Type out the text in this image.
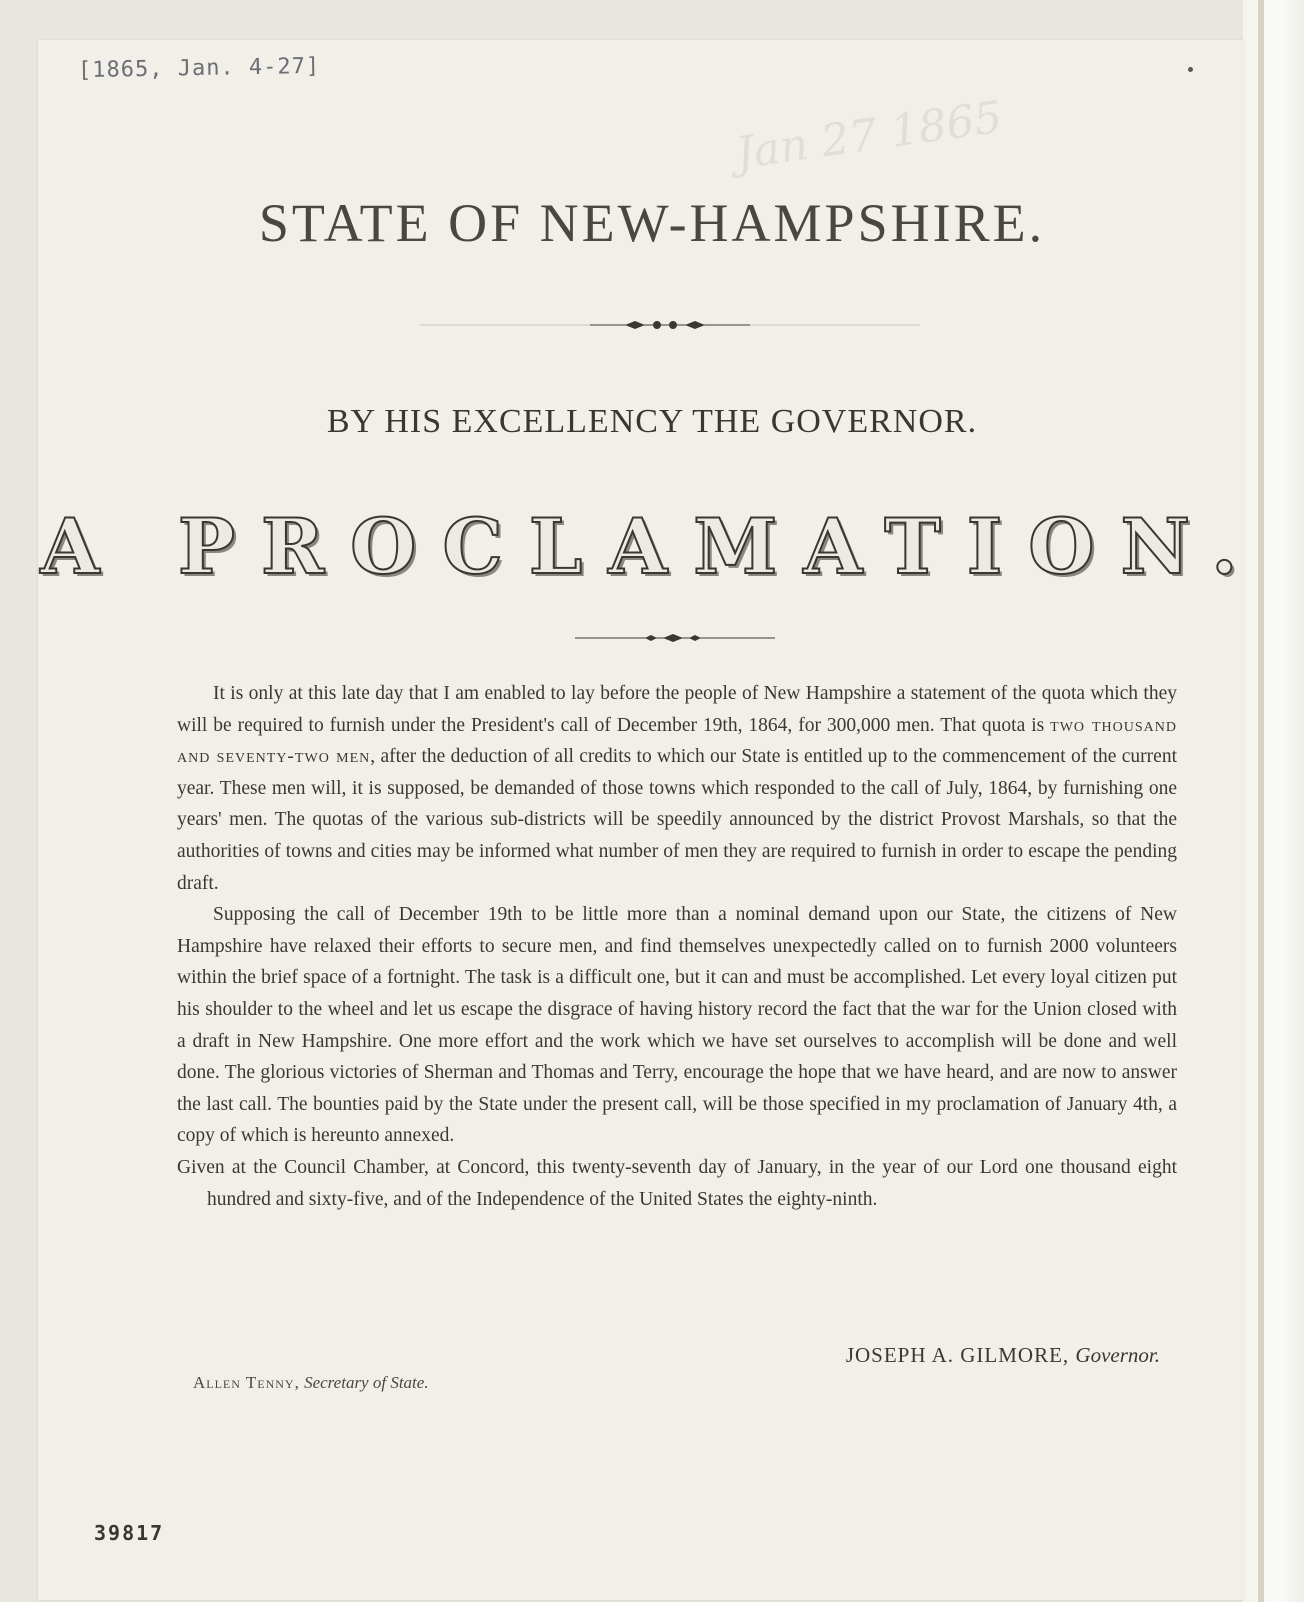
[1865, Jan. 4-27]

Jan 27 1865

STATE OF NEW-HAMPSHIRE.
BY HIS EXCELLENCY THE GOVERNOR.
A PROCLAMATION.

It is only at this late day that I am enabled to lay before the people of New Hampshire a statement of the quota which they will be required to furnish under the President's call of December 19th, 1864, for 300,000 men. That quota is two thousand and seventy-two men, after the deduction of all credits to which our State is entitled up to the commencement of the current year. These men will, it is supposed, be demanded of those towns which responded to the call of July, 1864, by furnishing one years' men. The quotas of the various sub-districts will be speedily announced by the district Provost Marshals, so that the authorities of towns and cities may be informed what number of men they are required to furnish in order to escape the pending draft.

Supposing the call of December 19th to be little more than a nominal demand upon our State, the citizens of New Hampshire have relaxed their efforts to secure men, and find themselves unexpectedly called on to furnish 2000 volunteers within the brief space of a fortnight. The task is a difficult one, but it can and must be accomplished. Let every loyal citizen put his shoulder to the wheel and let us escape the disgrace of having history record the fact that the war for the Union closed with a draft in New Hampshire. One more effort and the work which we have set ourselves to accomplish will be done and well done. The glorious victories of Sherman and Thomas and Terry, encourage the hope that we have heard, and are now to answer the last call. The bounties paid by the State under the present call, will be those specified in my proclamation of January 4th, a copy of which is hereunto annexed.

Given at the Council Chamber, at Concord, this twenty-seventh day of January, in the year of our Lord one thousand eight hundred and sixty-five, and of the Independence of the United States the eighty-ninth.

JOSEPH A. GILMORE, Governor.

Allen Tenny, Secretary of State.

39817
